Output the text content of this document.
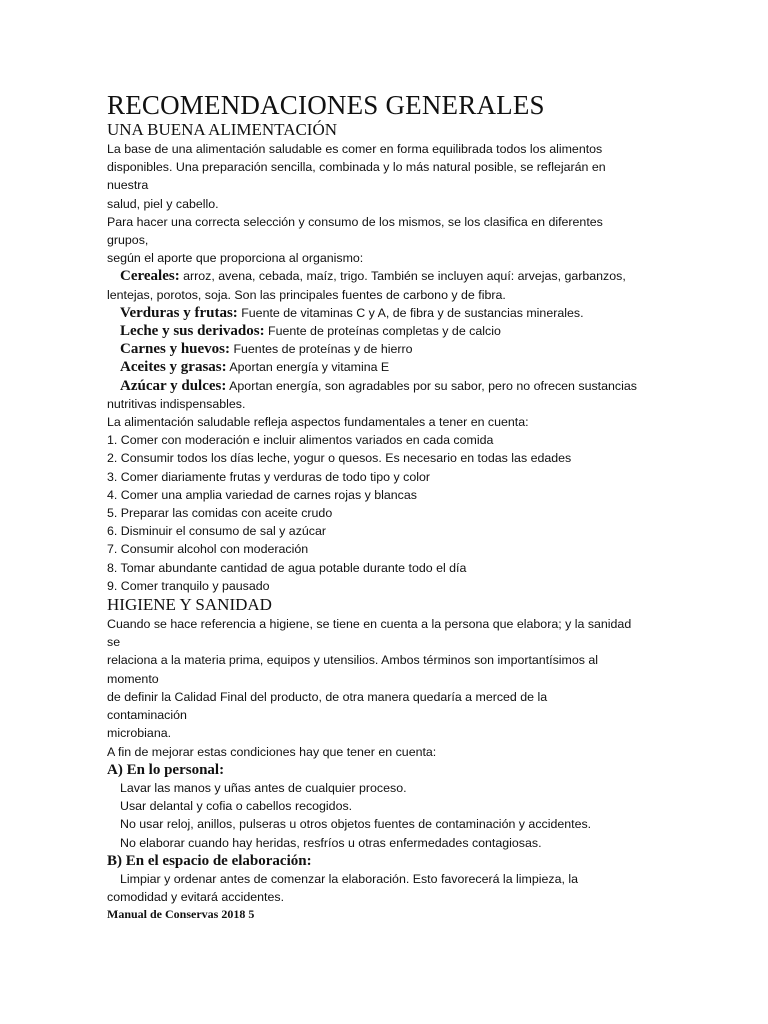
RECOMENDACIONES GENERALES
UNA BUENA ALIMENTACIÓN

La base de una alimentación saludable es comer en forma equilibrada todos los alimentos

disponibles. Una preparación sencilla, combinada y lo más natural posible, se reflejarán en

nuestra

salud, piel y cabello.

Para hacer una correcta selección y consumo de los mismos, se los clasifica en diferentes

grupos,

según el aporte que proporciona al organismo:

Cereales: arroz, avena, cebada, maíz, trigo. También se incluyen aquí: arvejas, garbanzos,

lentejas, porotos, soja. Son las principales fuentes de carbono y de fibra.

Verduras y frutas: Fuente de vitaminas C y A, de fibra y de sustancias minerales.

Leche y sus derivados: Fuente de proteínas completas y de calcio

Carnes y huevos: Fuentes de proteínas y de hierro

Aceites y grasas: Aportan energía y vitamina E

Azúcar y dulces: Aportan energía, son agradables por su sabor, pero no ofrecen sustancias

nutritivas indispensables.

La alimentación saludable refleja aspectos fundamentales a tener en cuenta:

1. Comer con moderación e incluir alimentos variados en cada comida

2. Consumir todos los días leche, yogur o quesos. Es necesario en todas las edades

3. Comer diariamente frutas y verduras de todo tipo y color

4. Comer una amplia variedad de carnes rojas y blancas

5. Preparar las comidas con aceite crudo

6. Disminuir el consumo de sal y azúcar

7. Consumir alcohol con moderación

8. Tomar abundante cantidad de agua potable durante todo el día

9. Comer tranquilo y pausado

HIGIENE Y SANIDAD

Cuando se hace referencia a higiene, se tiene en cuenta a la persona que elabora; y la sanidad

se

relaciona a la materia prima, equipos y utensilios. Ambos términos son importantísimos al

momento

de definir la Calidad Final del producto, de otra manera quedaría a merced de la

contaminación

microbiana.

A fin de mejorar estas condiciones hay que tener en cuenta:

A) En lo personal:

Lavar las manos y uñas antes de cualquier proceso.

Usar delantal y cofia o cabellos recogidos.

No usar reloj, anillos, pulseras u otros objetos fuentes de contaminación y accidentes.

No elaborar cuando hay heridas, resfríos u otras enfermedades contagiosas.

B) En el espacio de elaboración:

Limpiar y ordenar antes de comenzar la elaboración. Esto favorecerá la limpieza, la

comodidad y evitará accidentes.

Manual de Conservas 2018 5
